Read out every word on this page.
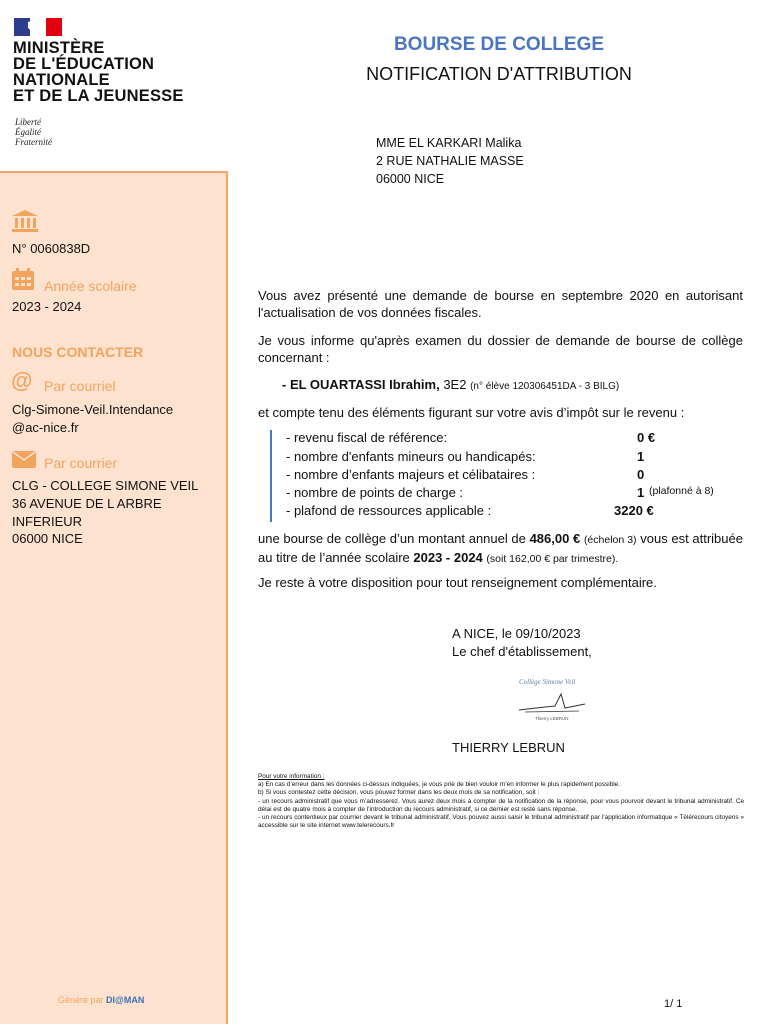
MINISTÈRE
DE L'ÉDUCATION
NATIONALE
ET DE LA JEUNESSE
Liberté
Égalité
Fraternité
N° 0060838D
Année scolaire
2023 - 2024
NOUS CONTACTER
@ Par courriel
Clg-Simone-Veil.Intendance
@ac-nice.fr
Par courrier
CLG - COLLEGE SIMONE VEIL
36 AVENUE DE L ARBRE
INFERIEUR
06000 NICE
Généré par DI@MAN
BOURSE DE COLLEGE
NOTIFICATION D'ATTRIBUTION
MME EL KARKARI Malika
2 RUE NATHALIE MASSE
06000 NICE
Vous avez présenté une demande de bourse en septembre 2020 en autorisant l'actualisation de vos données fiscales.
Je vous informe qu'après examen du dossier de demande de bourse de collège concernant :
- EL OUARTASSI Ibrahim, 3E2 (n° élève 120306451DA - 3 BILG)
et compte tenu des éléments figurant sur votre avis d’impôt sur le revenu :
- revenu fiscal de référence:	0 €
- nombre d'enfants mineurs ou handicapés:	1
- nombre d’enfants majeurs et célibataires :	0
- nombre de points de charge :	1 (plafonné à 8)
- plafond de ressources applicable :	3220 €
une bourse de collège d’un montant annuel de 486,00 € (échelon 3) vous est attribuée au titre de l’année scolaire 2023 - 2024 (soit 162,00 € par trimestre).
Je reste à votre disposition pour tout renseignement complémentaire.
A NICE, le 09/10/2023
Le chef d'établissement,
Collège Simone Veil
Thierry LEBRUN
THIERRY LEBRUN
Pour votre information :
a) En cas d’erreur dans les données ci-dessus indiquées, je vous prie de bien vouloir m’en informer le plus rapidement possible.
b) Si vous contestez cette décision, vous pouvez former dans les deux mois de sa notification, soit :
- un recours administratif que vous m’adresserez. Vous aurez deux mois à compter de la notification de la réponse, pour vous pourvoir devant le tribunal administratif. Ce délai est de quatre mois à compter de l’introduction du recours administratif, si ce dernier est resté sans réponse.
- un recours contentieux par courrier devant le tribunal administratif. Vous pouvez aussi saisir le tribunal administratif par l’application informatique « Télérecours citoyens » accessible sur le site internet www.telerecours.fr
1/ 1
